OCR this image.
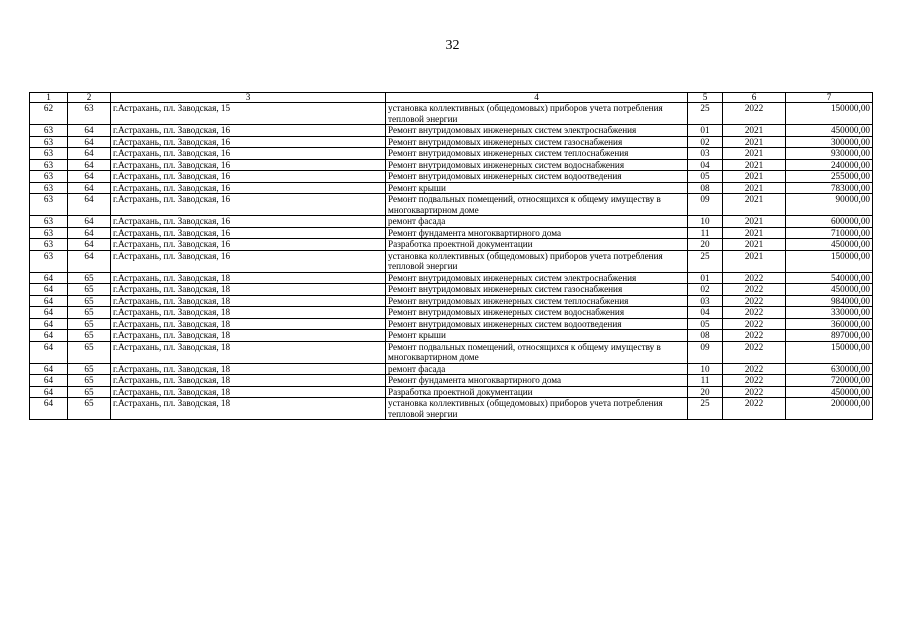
32
1	2	3	4	5	6	7
62	63	г.Астрахань, пл. Заводская, 15	установка коллективных (общедомовых) приборов учета потребления тепловой энергии	25	2022	150000,00
63	64	г.Астрахань, пл. Заводская, 16	Ремонт внутридомовых инженерных систем электроснабжения	01	2021	450000,00
63	64	г.Астрахань, пл. Заводская, 16	Ремонт внутридомовых инженерных систем газоснабжения	02	2021	300000,00
63	64	г.Астрахань, пл. Заводская, 16	Ремонт внутридомовых инженерных систем теплоснабжения	03	2021	930000,00
63	64	г.Астрахань, пл. Заводская, 16	Ремонт внутридомовых инженерных систем водоснабжения	04	2021	240000,00
63	64	г.Астрахань, пл. Заводская, 16	Ремонт внутридомовых инженерных систем водоотведения	05	2021	255000,00
63	64	г.Астрахань, пл. Заводская, 16	Ремонт крыши	08	2021	783000,00
63	64	г.Астрахань, пл. Заводская, 16	Ремонт подвальных помещений, относящихся к общему имуществу в многоквартирном доме	09	2021	90000,00
63	64	г.Астрахань, пл. Заводская, 16	ремонт фасада	10	2021	600000,00
63	64	г.Астрахань, пл. Заводская, 16	Ремонт фундамента многоквартирного дома	11	2021	710000,00
63	64	г.Астрахань, пл. Заводская, 16	Разработка проектной документации	20	2021	450000,00
63	64	г.Астрахань, пл. Заводская, 16	установка коллективных (общедомовых) приборов учета потребления тепловой энергии	25	2021	150000,00
64	65	г.Астрахань, пл. Заводская, 18	Ремонт внутридомовых инженерных систем электроснабжения	01	2022	540000,00
64	65	г.Астрахань, пл. Заводская, 18	Ремонт внутридомовых инженерных систем газоснабжения	02	2022	450000,00
64	65	г.Астрахань, пл. Заводская, 18	Ремонт внутридомовых инженерных систем теплоснабжения	03	2022	984000,00
64	65	г.Астрахань, пл. Заводская, 18	Ремонт внутридомовых инженерных систем водоснабжения	04	2022	330000,00
64	65	г.Астрахань, пл. Заводская, 18	Ремонт внутридомовых инженерных систем водоотведения	05	2022	360000,00
64	65	г.Астрахань, пл. Заводская, 18	Ремонт крыши	08	2022	897000,00
64	65	г.Астрахань, пл. Заводская, 18	Ремонт подвальных помещений, относящихся к общему имуществу в многоквартирном доме	09	2022	150000,00
64	65	г.Астрахань, пл. Заводская, 18	ремонт фасада	10	2022	630000,00
64	65	г.Астрахань, пл. Заводская, 18	Ремонт фундамента многоквартирного дома	11	2022	720000,00
64	65	г.Астрахань, пл. Заводская, 18	Разработка проектной документации	20	2022	450000,00
64	65	г.Астрахань, пл. Заводская, 18	установка коллективных (общедомовых) приборов учета потребления тепловой энергии	25	2022	200000,00
